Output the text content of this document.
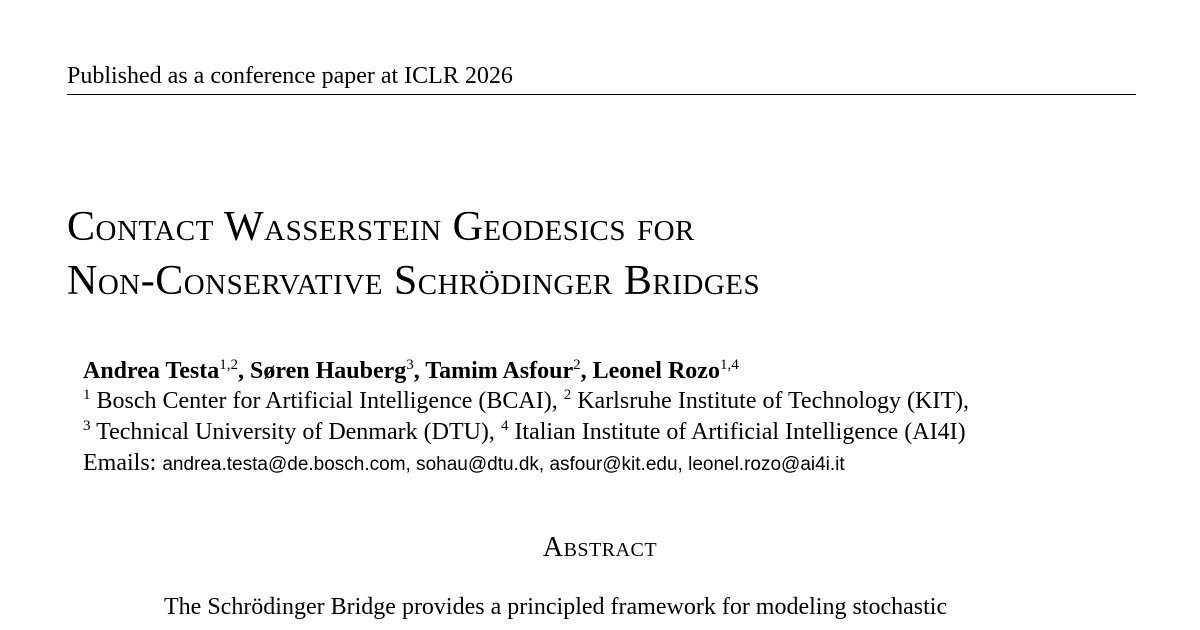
Published as a conference paper at ICLR 2026
Contact Wasserstein Geodesics for
Non-Conservative Schrödinger Bridges
Andrea Testa$^{1,2}$, Søren Hauberg$^3$, Tamim Asfour$^2$, Leonel Rozo$^{1,4}$
$^1$ Bosch Center for Artificial Intelligence (BCAI), $^2$ Karlsruhe Institute of Technology (KIT),
$^3$ Technical University of Denmark (DTU), $^4$ Italian Institute of Artificial Intelligence (AI4I)
Emails: andrea.testa@de.bosch.com, sohau@dtu.dk, asfour@kit.edu, leonel.rozo@ai4i.it
Abstract
The Schrödinger Bridge provides a principled framework for modeling stochastic
